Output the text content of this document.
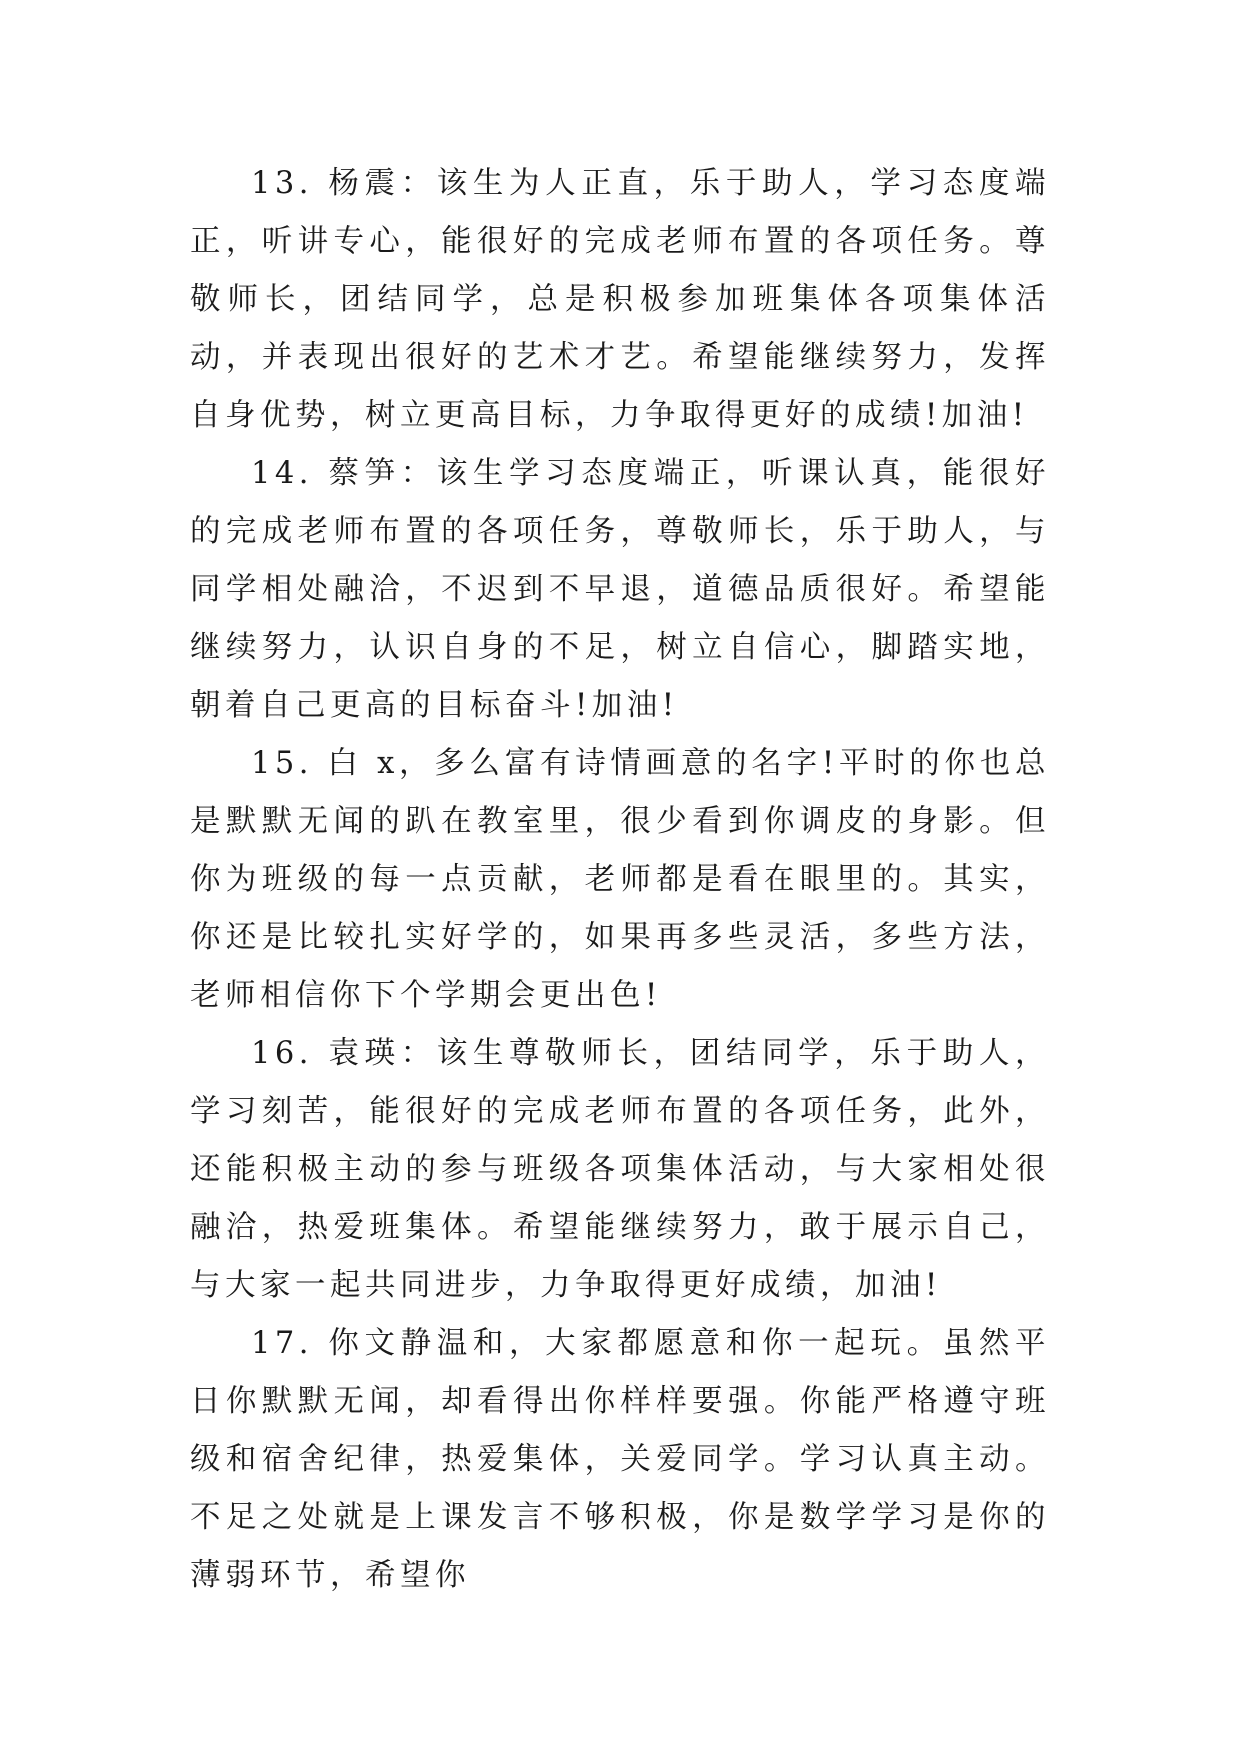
13. 杨震：该生为人正直，乐于助人，学习态度端正，听讲专心，能很好的完成老师布置的各项任务。尊敬师长，团结同学，总是积极参加班集体各项集体活动，并表现出很好的艺术才艺。希望能继续努力，发挥自身优势，树立更高目标，力争取得更好的成绩!加油!

14. 蔡笋：该生学习态度端正，听课认真，能很好的完成老师布置的各项任务，尊敬师长，乐于助人，与同学相处融洽，不迟到不早退，道德品质很好。希望能继续努力，认识自身的不足，树立自信心，脚踏实地，朝着自己更高的目标奋斗!加油!

15. 白 x，多么富有诗情画意的名字!平时的你也总是默默无闻的趴在教室里，很少看到你调皮的身影。但你为班级的每一点贡献，老师都是看在眼里的。其实，你还是比较扎实好学的，如果再多些灵活，多些方法，老师相信你下个学期会更出色!

16. 袁瑛：该生尊敬师长，团结同学，乐于助人，学习刻苦，能很好的完成老师布置的各项任务，此外，还能积极主动的参与班级各项集体活动，与大家相处很融洽，热爱班集体。希望能继续努力，敢于展示自己，与大家一起共同进步，力争取得更好成绩，加油!

17. 你文静温和，大家都愿意和你一起玩。虽然平日你默默无闻，却看得出你样样要强。你能严格遵守班级和宿舍纪律，热爱集体，关爱同学。学习认真主动。不足之处就是上课发言不够积极，你是数学学习是你的薄弱环节，希望你
